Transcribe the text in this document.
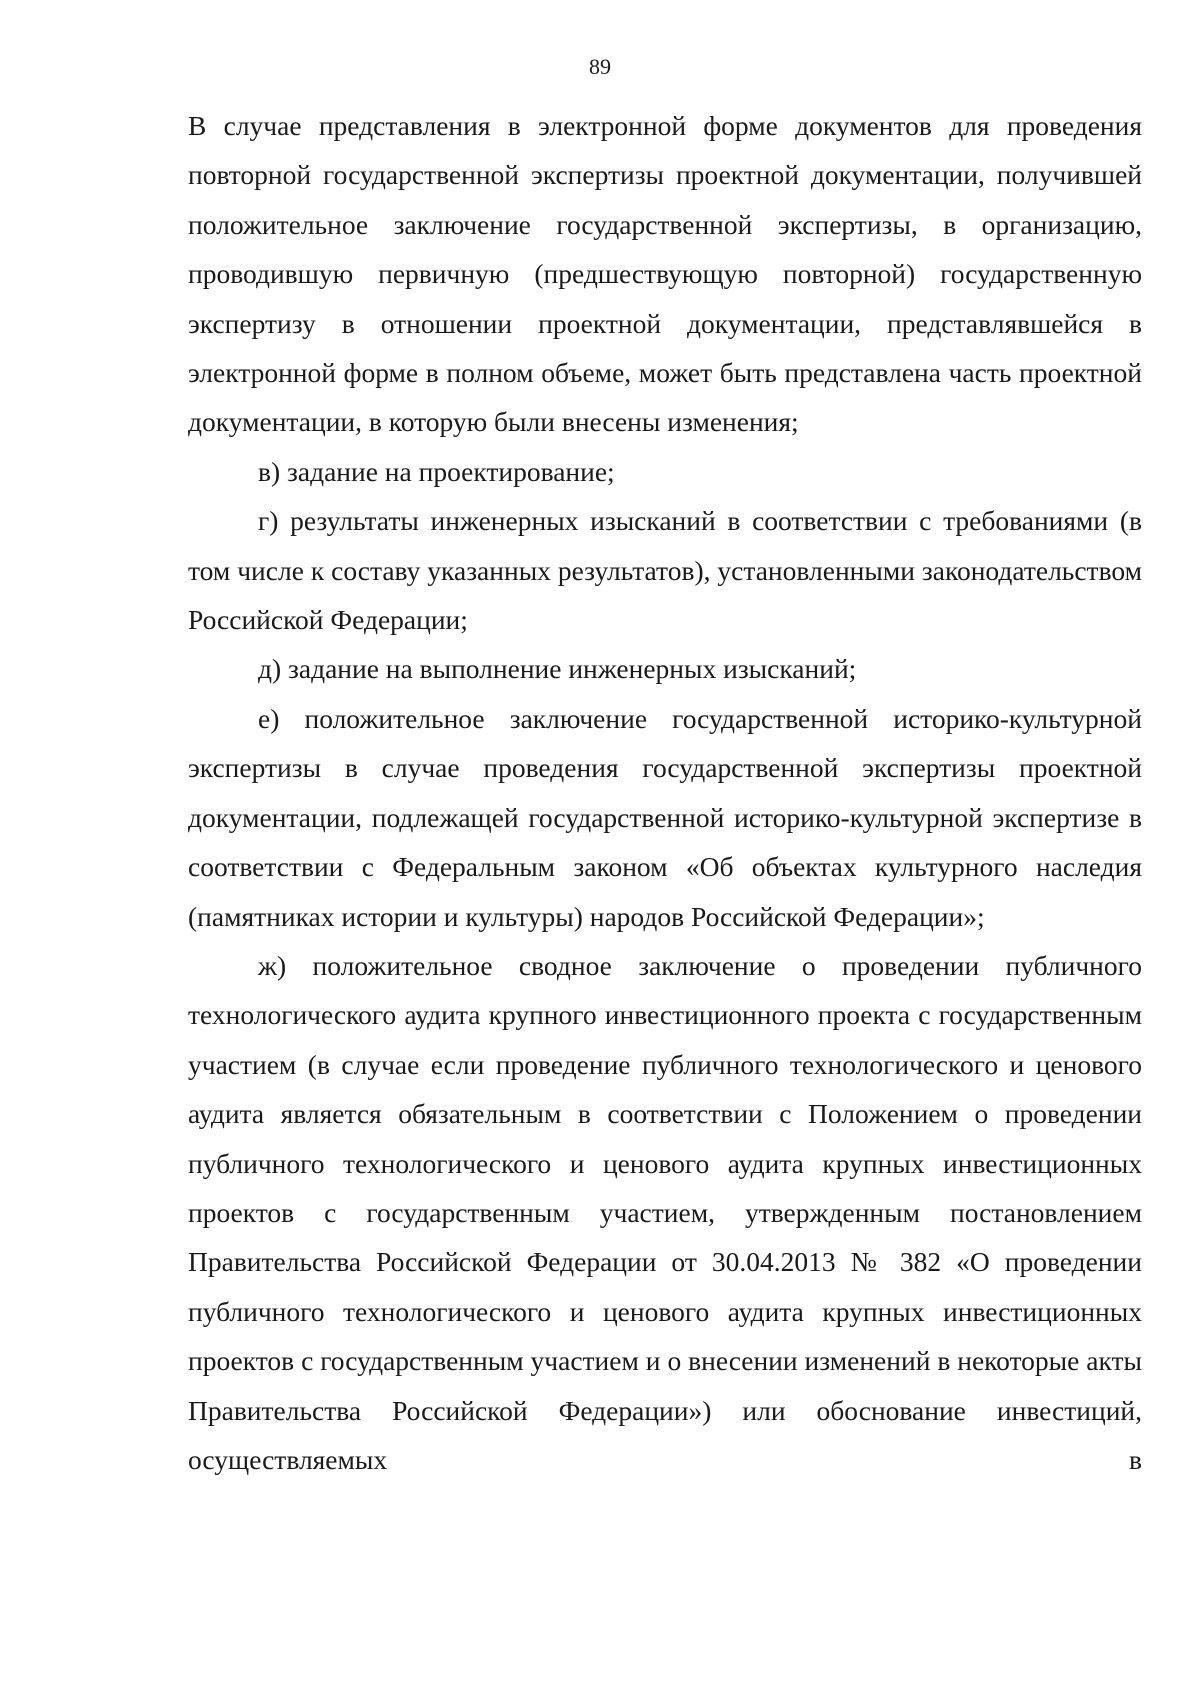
89

В случае представления в электронной форме документов для проведения повторной государственной экспертизы проектной документации, получившей положительное заключение государственной экспертизы, в организацию, проводившую первичную (предшествующую повторной) государственную экспертизу в отношении проектной документации, представлявшейся в электронной форме в полном объеме, может быть представлена часть проектной документации, в которую были внесены изменения;

в) задание на проектирование;

г) результаты инженерных изысканий в соответствии с требованиями (в том числе к составу указанных результатов), установленными законодательством Российской Федерации;

д) задание на выполнение инженерных изысканий;

е) положительное заключение государственной историко-культурной экспертизы в случае проведения государственной экспертизы проектной документации, подлежащей государственной историко-культурной экспертизе в соответствии с Федеральным законом «Об объектах культурного наследия (памятниках истории и культуры) народов Российской Федерации»;

ж) положительное сводное заключение о проведении публичного технологического аудита крупного инвестиционного проекта с государственным участием (в случае если проведение публичного технологического и ценового аудита является обязательным в соответствии с Положением о проведении публичного технологического и ценового аудита крупных инвестиционных проектов с государственным участием, утвержденным постановлением Правительства Российской Федерации от 30.04.2013 № 382 «О проведении публичного технологического и ценового аудита крупных инвестиционных проектов с государственным участием и о внесении изменений в некоторые акты Правительства Российской Федерации») или обоснование инвестиций, осуществляемых в
